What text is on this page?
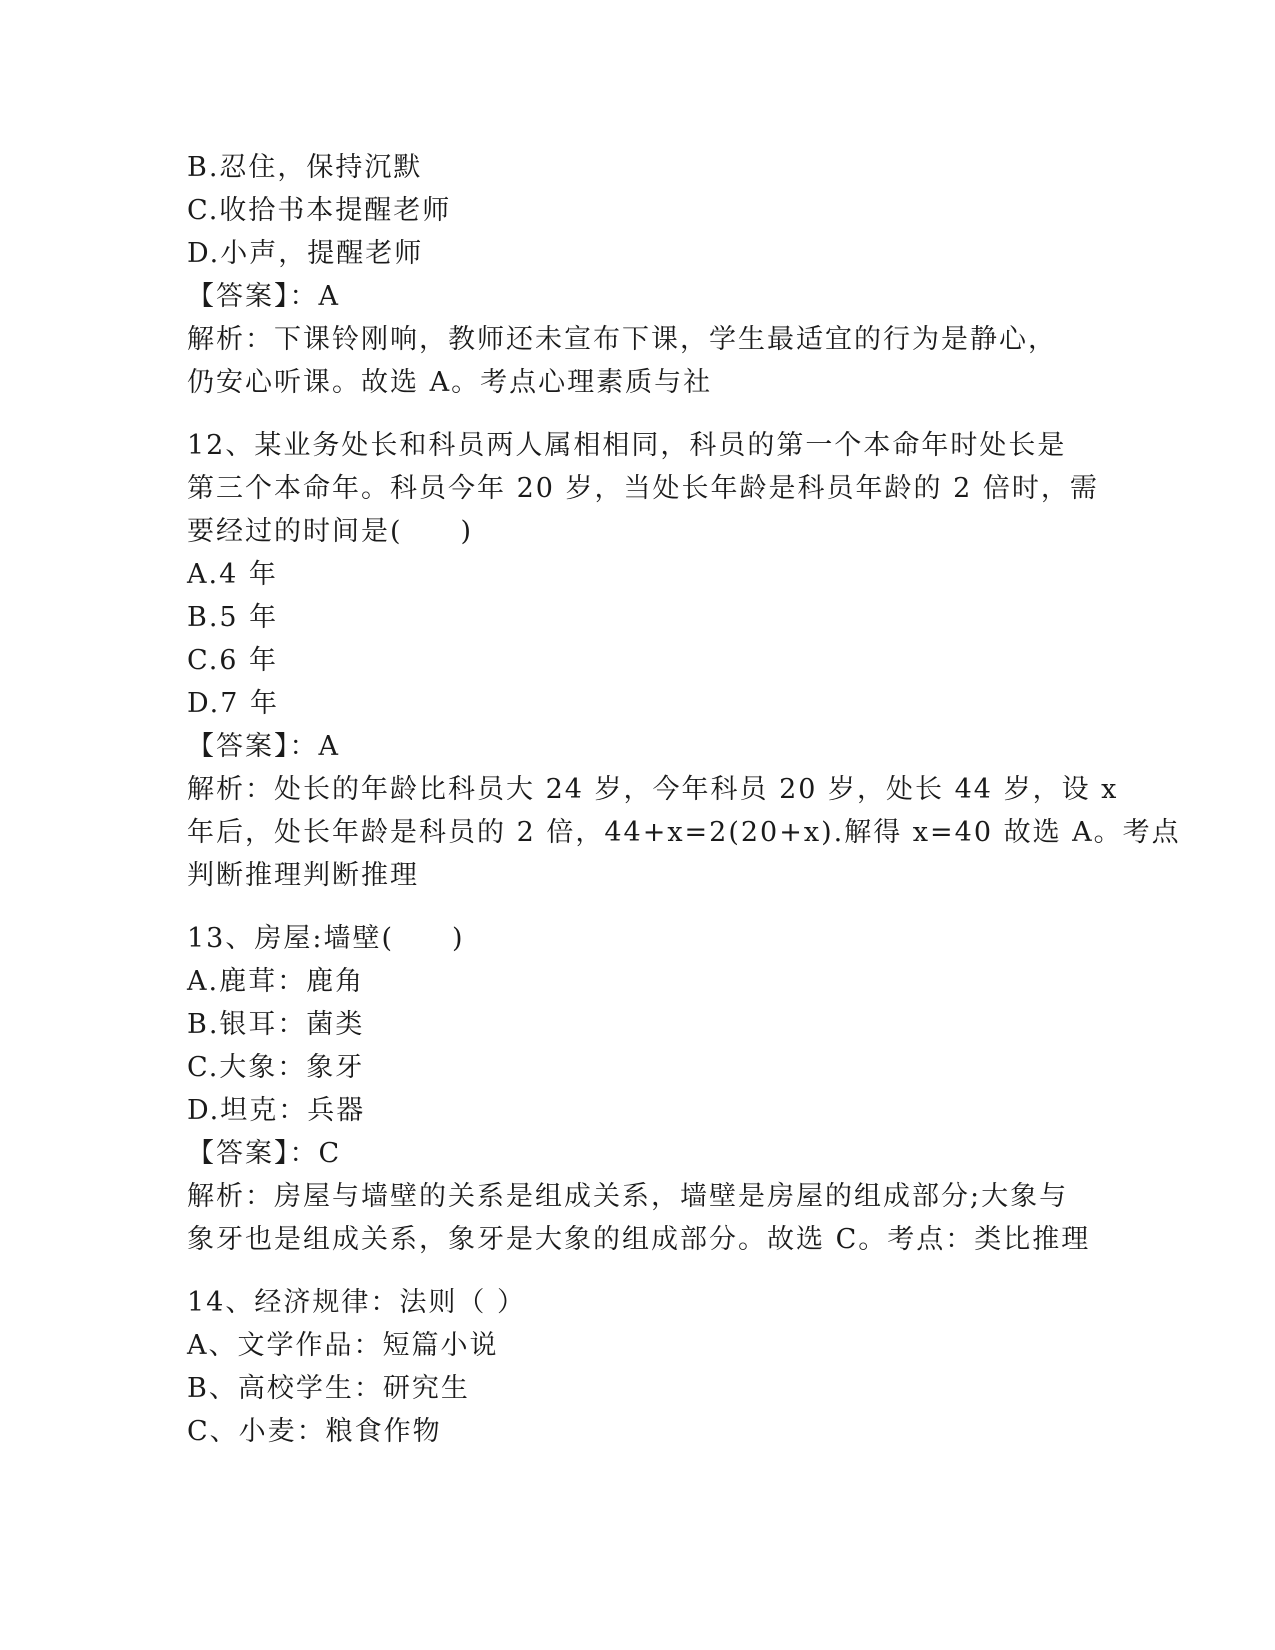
B.忍住，保持沉默
C.收拾书本提醒老师
D.小声，提醒老师
【答案】：A
解析：下课铃刚响，教师还未宣布下课，学生最适宜的行为是静心，
仍安心听课。故选 A。考点心理素质与社
12、某业务处长和科员两人属相相同，科员的第一个本命年时处长是
第三个本命年。科员今年 20 岁，当处长年龄是科员年龄的 2 倍时，需
要经过的时间是(　　)
A.4 年
B.5 年
C.6 年
D.7 年
【答案】：A
解析：处长的年龄比科员大 24 岁，今年科员 20 岁，处长 44 岁，设 x
年后，处长年龄是科员的 2 倍，44+x=2(20+x).解得 x=40 故选 A。考点
判断推理判断推理
13、房屋:墙壁(　　)
A.鹿茸：鹿角
B.银耳：菌类
C.大象：象牙
D.坦克：兵器
【答案】：C
解析：房屋与墙壁的关系是组成关系，墙壁是房屋的组成部分;大象与
象牙也是组成关系，象牙是大象的组成部分。故选 C。考点：类比推理
14、经济规律：法则（ ）
A、文学作品：短篇小说
B、高校学生：研究生
C、小麦：粮食作物
